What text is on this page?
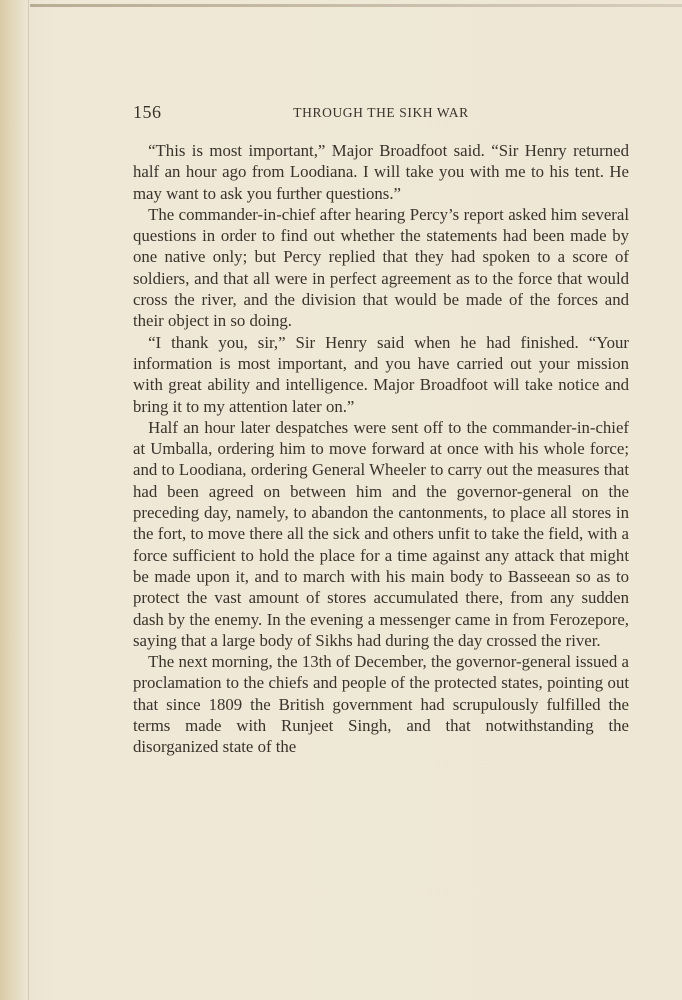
156	THROUGH THE SIKH WAR

“This is most important,” Major Broadfoot said. “Sir Henry returned half an hour ago from Loodiana. I will take you with me to his tent. He may want to ask you further questions.”

The commander-in-chief after hearing Percy’s report asked him several questions in order to find out whether the statements had been made by one native only; but Percy replied that they had spoken to a score of soldiers, and that all were in perfect agreement as to the force that would cross the river, and the division that would be made of the forces and their object in so doing.

“I thank you, sir,” Sir Henry said when he had finished. “Your information is most important, and you have carried out your mission with great ability and intelligence. Major Broadfoot will take notice and bring it to my attention later on.”

Half an hour later despatches were sent off to the commander-in-chief at Umballa, ordering him to move forward at once with his whole force; and to Loodiana, ordering General Wheeler to carry out the measures that had been agreed on between him and the governor-general on the preceding day, namely, to abandon the cantonments, to place all stores in the fort, to move there all the sick and others unfit to take the field, with a force sufficient to hold the place for a time against any attack that might be made upon it, and to march with his main body to Basseean so as to protect the vast amount of stores accumulated there, from any sudden dash by the enemy. In the evening a messenger came in from Ferozepore, saying that a large body of Sikhs had during the day crossed the river.

The next morning, the 13th of December, the governor-general issued a proclamation to the chiefs and people of the protected states, pointing out that since 1809 the British government had scrupulously fulfilled the terms made with Runjeet Singh, and that notwithstanding the disorganized state of the
